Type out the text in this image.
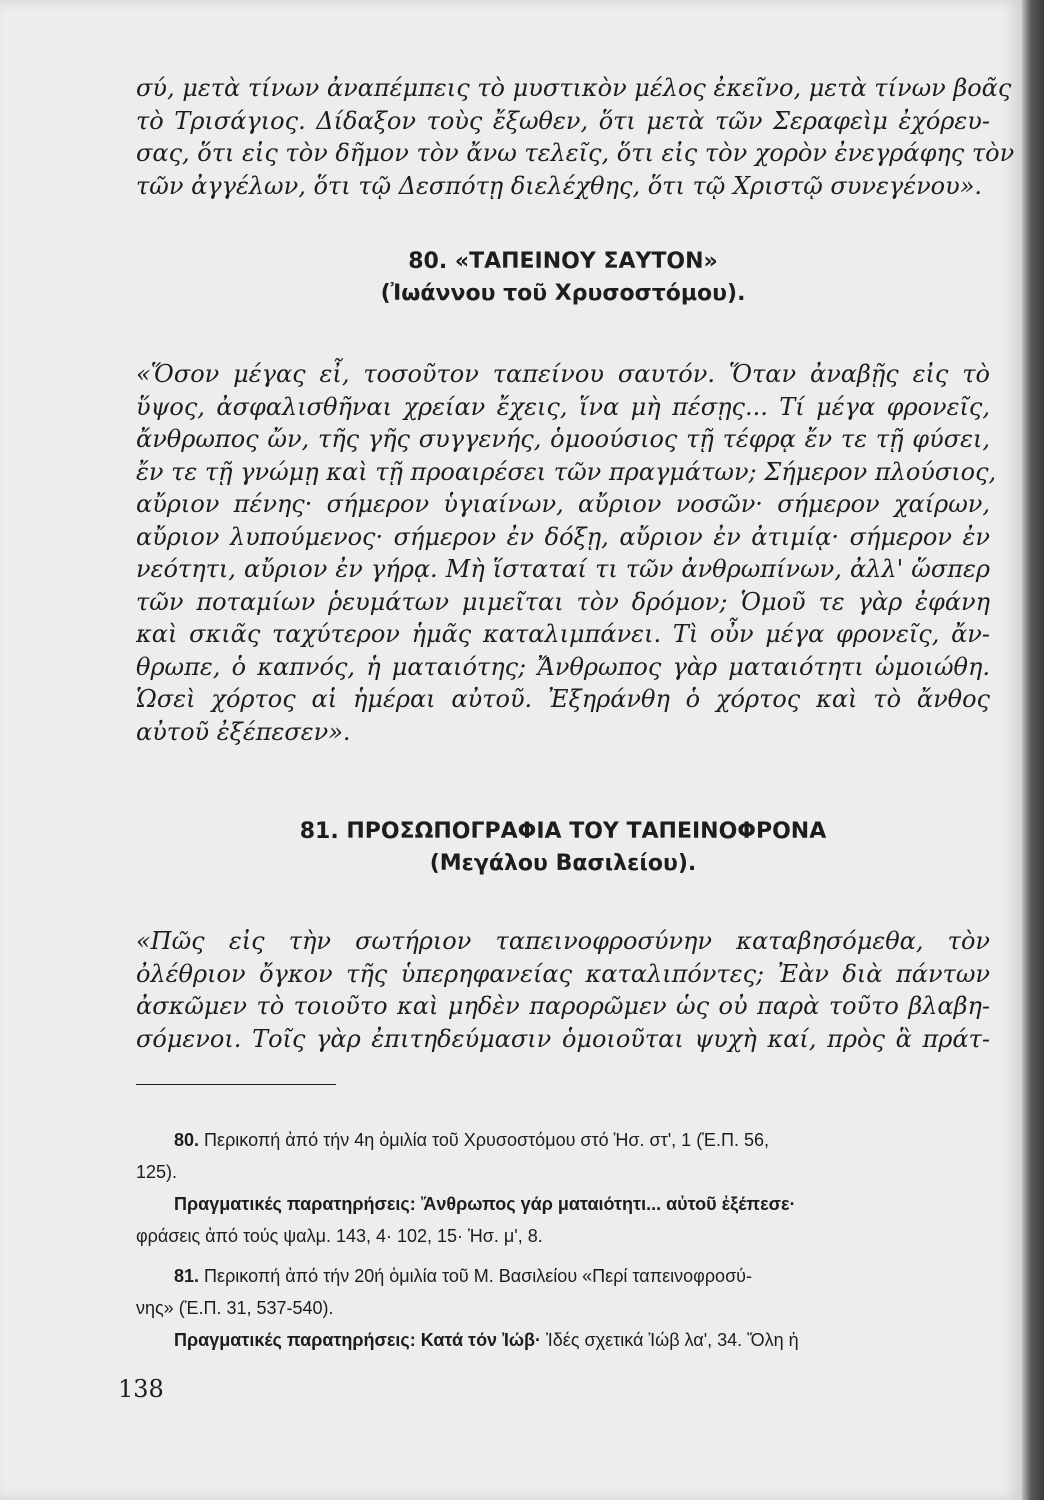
σύ, μετὰ τίνων ἀναπέμπεις τὸ μυστικὸν μέλος ἐκεῖνο, μετὰ τίνων βοᾶς
τὸ Τρισάγιος. Δίδαξον τοὺς ἔξωθεν, ὅτι μετὰ τῶν Σεραφεὶμ ἐχόρευ-
σας, ὅτι εἰς τὸν δῆμον τὸν ἄνω τελεῖς, ὅτι εἰς τὸν χορὸν ἐνεγράφης τὸν
τῶν ἀγγέλων, ὅτι τῷ Δεσπότῃ διελέχθης, ὅτι τῷ Χριστῷ συνεγένου».
80. «ΤΑΠΕΙΝΟΥ ΣΑΥΤΟΝ»
(Ἰωάννου τοῦ Χρυσοστόμου).
«Ὅσον μέγας εἶ, τοσοῦτον ταπείνου σαυτόν. Ὅταν ἀναβῇς εἰς τὸ
ὕψος, ἀσφαλισθῆναι χρείαν ἔχεις, ἵνα μὴ πέσῃς... Τί μέγα φρονεῖς,
ἄνθρωπος ὤν, τῆς γῆς συγγενής, ὁμοούσιος τῇ τέφρᾳ ἔν τε τῇ φύσει,
ἔν τε τῇ γνώμῃ καὶ τῇ προαιρέσει τῶν πραγμάτων; Σήμερον πλούσιος,
αὔριον πένης· σήμερον ὑγιαίνων, αὔριον νοσῶν· σήμερον χαίρων,
αὔριον λυπούμενος· σήμερον ἐν δόξῃ, αὔριον ἐν ἀτιμίᾳ· σήμερον ἐν
νεότητι, αὔριον ἐν γήρᾳ. Μὴ ἵσταταί τι τῶν ἀνθρωπίνων, ἀλλ' ὥσπερ
τῶν ποταμίων ῥευμάτων μιμεῖται τὸν δρόμον; Ὁμοῦ τε γὰρ ἐφάνη
καὶ σκιᾶς ταχύτερον ἡμᾶς καταλιμπάνει. Τὶ οὖν μέγα φρονεῖς, ἄν-
θρωπε, ὁ καπνός, ἡ ματαιότης; Ἄνθρωπος γὰρ ματαιότητι ὡμοιώθη.
Ὡσεὶ χόρτος αἱ ἡμέραι αὐτοῦ. Ἐξηράνθη ὁ χόρτος καὶ τὸ ἄνθος
αὐτοῦ ἐξέπεσεν».
81. ΠΡΟΣΩΠΟΓΡΑΦΙΑ ΤΟΥ ΤΑΠΕΙΝΟΦΡΟΝΑ
(Μεγάλου Βασιλείου).
«Πῶς εἰς τὴν σωτήριον ταπεινοφροσύνην καταβησόμεθα, τὸν
ὀλέθριον ὄγκον τῆς ὑπερηφανείας καταλιπόντες; Ἐὰν διὰ πάντων
ἀσκῶμεν τὸ τοιοῦτο καὶ μηδὲν παρορῶμεν ὡς οὐ παρὰ τοῦτο βλαβη-
σόμενοι. Τοῖς γὰρ ἐπιτηδεύμασιν ὁμοιοῦται ψυχὴ καί, πρὸς ἃ πράτ-
80. Περικοπή ἀπό τήν 4η ὁμιλία τοῦ Χρυσοστόμου στό Ἡσ. στ', 1 (Ἑ.Π. 56,
125).
Πραγματικές παρατηρήσεις: Ἄνθρωπος γάρ ματαιότητι... αὐτοῦ ἐξέπεσε·
φράσεις ἀπό τούς ψαλμ. 143, 4· 102, 15· Ἡσ. μ', 8.
81. Περικοπή ἀπό τήν 20ή ὁμιλία τοῦ Μ. Βασιλείου «Περί ταπεινοφροσύ-
νης» (Ἑ.Π. 31, 537-540).
Πραγματικές παρατηρήσεις: Κατά τόν Ἰώβ· Ἰδές σχετικά Ἰώβ λα', 34. Ὅλη ἡ
138
